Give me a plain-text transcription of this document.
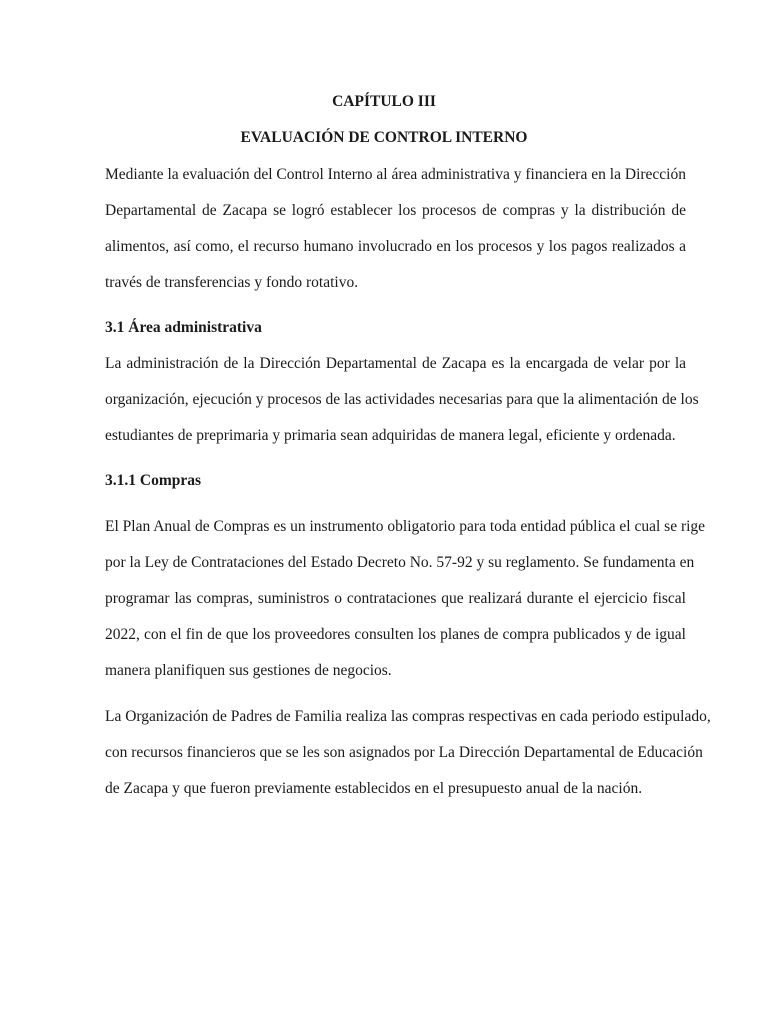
CAPÍTULO III
EVALUACIÓN DE CONTROL INTERNO
Mediante la evaluación del Control Interno al área administrativa y financiera en la Dirección
Departamental de Zacapa se logró establecer los procesos de compras y la distribución de
alimentos, así como, el recurso humano involucrado en los procesos y los pagos realizados a
través de transferencias y fondo rotativo.
3.1 Área administrativa
La administración de la Dirección Departamental de Zacapa es la encargada de velar por la
organización, ejecución y procesos de las actividades necesarias para que la alimentación de los
estudiantes de preprimaria y primaria sean adquiridas de manera legal, eficiente y ordenada.
3.1.1 Compras
El Plan Anual de Compras es un instrumento obligatorio para toda entidad pública el cual se rige
por la Ley de Contrataciones del Estado Decreto No. 57-92 y su reglamento. Se fundamenta en
programar las compras, suministros o contrataciones que realizará durante el ejercicio fiscal
2022, con el fin de que los proveedores consulten los planes de compra publicados y de igual
manera planifiquen sus gestiones de negocios.
La Organización de Padres de Familia realiza las compras respectivas en cada periodo estipulado,
con recursos financieros que se les son asignados por La Dirección Departamental de Educación
de Zacapa y que fueron previamente establecidos en el presupuesto anual de la nación.
